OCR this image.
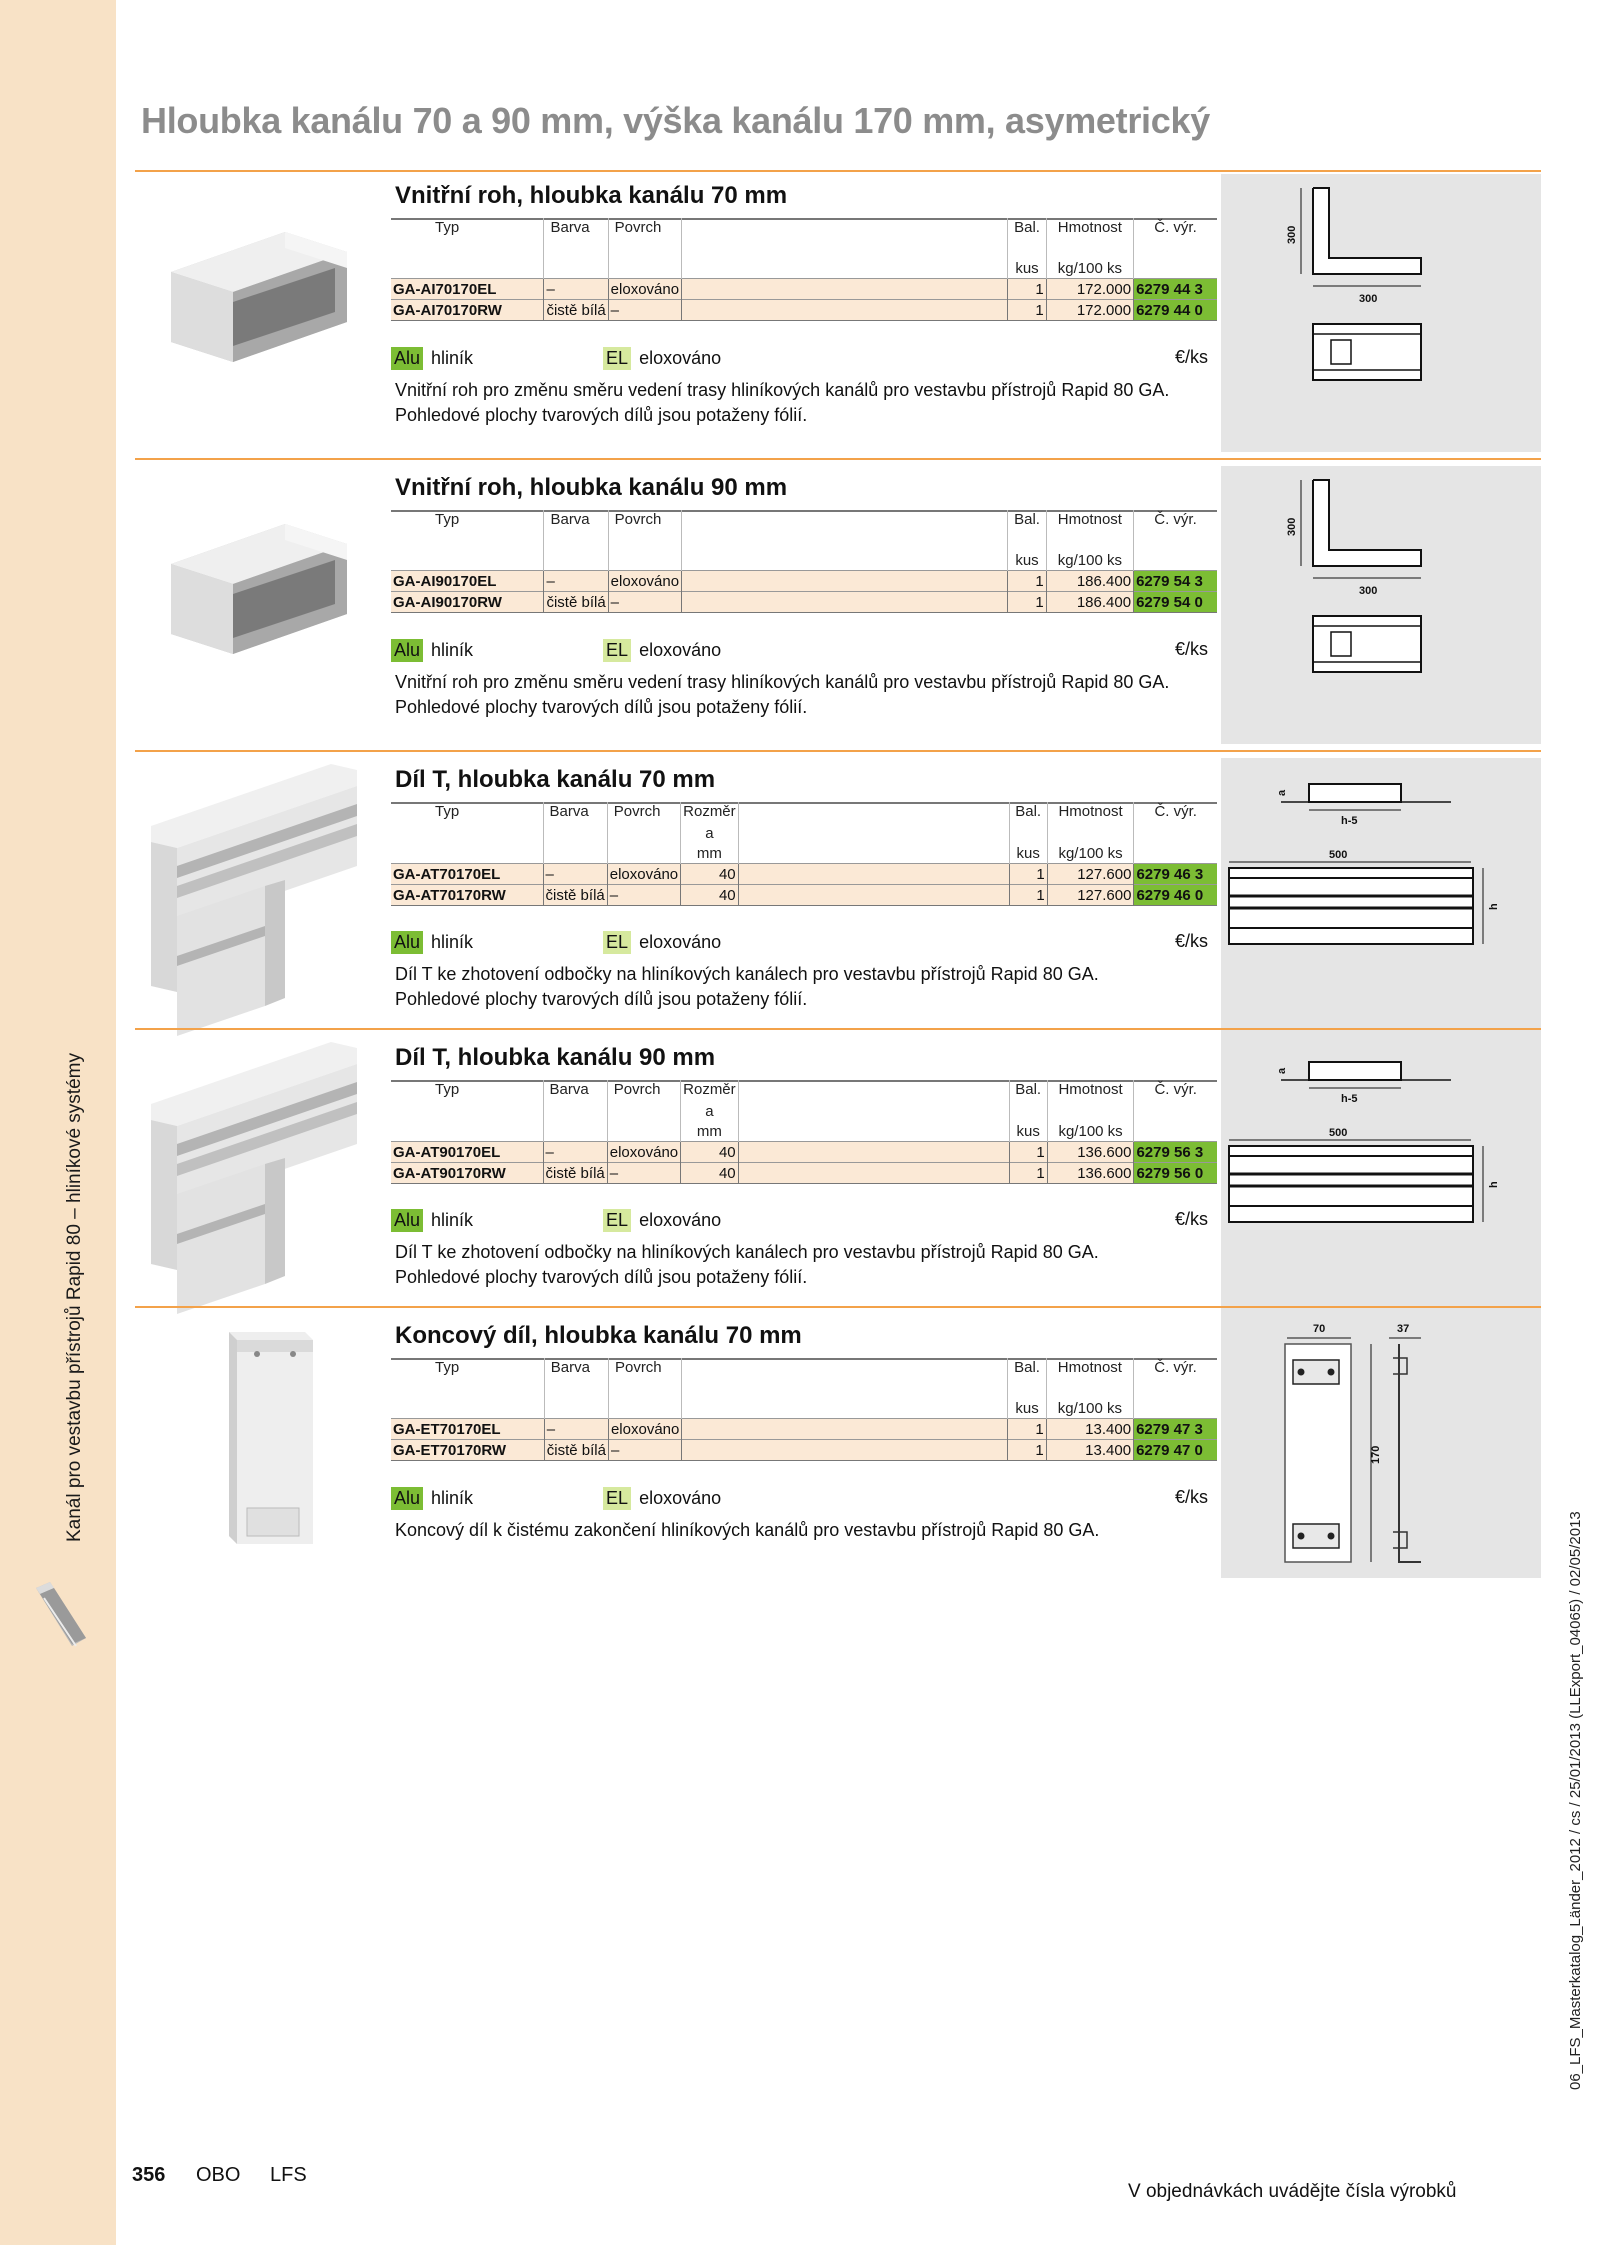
Kanál pro vestavbu přístrojů Rapid 80 – hliníkové systémy
Hloubka kanálu 70 a 90 mm, výška kanálu 170 mm, asymetrický
Vnitřní roh, hloubka kanálu 70 mm
Typ	Barva	Povrch		Bal.	Hmotnost	Č. výr.

				kus	kg/100 ks	
GA-AI70170EL	–	eloxováno		1	172.000	6279 44 3
GA-AI70170RW	čistě bílá	–		1	172.000	6279 44 0
Alu hliník	EL eloxováno	€/ks

Vnitřní roh pro změnu směru vedení trasy hliníkových kanálů pro vestavbu přístrojů Rapid 80 GA.

Pohledové plochy tvarových dílů jsou potaženy fólií.

300
300
Vnitřní roh, hloubka kanálu 90 mm
Typ	Barva	Povrch		Bal.	Hmotnost	Č. výr.

				kus	kg/100 ks	
GA-AI90170EL	–	eloxováno		1	186.400	6279 54 3
GA-AI90170RW	čistě bílá	–		1	186.400	6279 54 0
Alu hliník	EL eloxováno	€/ks

Vnitřní roh pro změnu směru vedení trasy hliníkových kanálů pro vestavbu přístrojů Rapid 80 GA.

Pohledové plochy tvarových dílů jsou potaženy fólií.

300
300
Díl T, hloubka kanálu 70 mm
Typ	Barva	Povrch	Rozměr		Bal.	Hmotnost	Č. výr.
			a				
			mm		kus	kg/100 ks	
GA-AT70170EL	–	eloxováno	40		1	127.600	6279 46 3
GA-AT70170RW	čistě bílá	–	40		1	127.600	6279 46 0
Alu hliník	EL eloxováno	€/ks

Díl T ke zhotovení odbočky na hliníkových kanálech pro vestavbu přístrojů Rapid 80 GA.

Pohledové plochy tvarových dílů jsou potaženy fólií.

a
h-5
500
h
Díl T, hloubka kanálu 90 mm
Typ	Barva	Povrch	Rozměr		Bal.	Hmotnost	Č. výr.
			a				
			mm		kus	kg/100 ks	
GA-AT90170EL	–	eloxováno	40		1	136.600	6279 56 3
GA-AT90170RW	čistě bílá	–	40		1	136.600	6279 56 0
Alu hliník	EL eloxováno	€/ks

Díl T ke zhotovení odbočky na hliníkových kanálech pro vestavbu přístrojů Rapid 80 GA.

Pohledové plochy tvarových dílů jsou potaženy fólií.

a
h-5
500
h
Koncový díl, hloubka kanálu 70 mm
Typ	Barva	Povrch		Bal.	Hmotnost	Č. výr.

				kus	kg/100 ks	
GA-ET70170EL	–	eloxováno		1	13.400	6279 47 3
GA-ET70170RW	čistě bílá	–		1	13.400	6279 47 0
Alu hliník	EL eloxováno	€/ks

Koncový díl k čistému zakončení hliníkových kanálů pro vestavbu přístrojů Rapid 80 GA.

70	37
170
356 OBO LFS
V objednávkách uvádějte čísla výrobků
06_LFS_Masterkatalog_Länder_2012 / cs / 25/01/2013 (LLExport_04065) / 02/05/2013
